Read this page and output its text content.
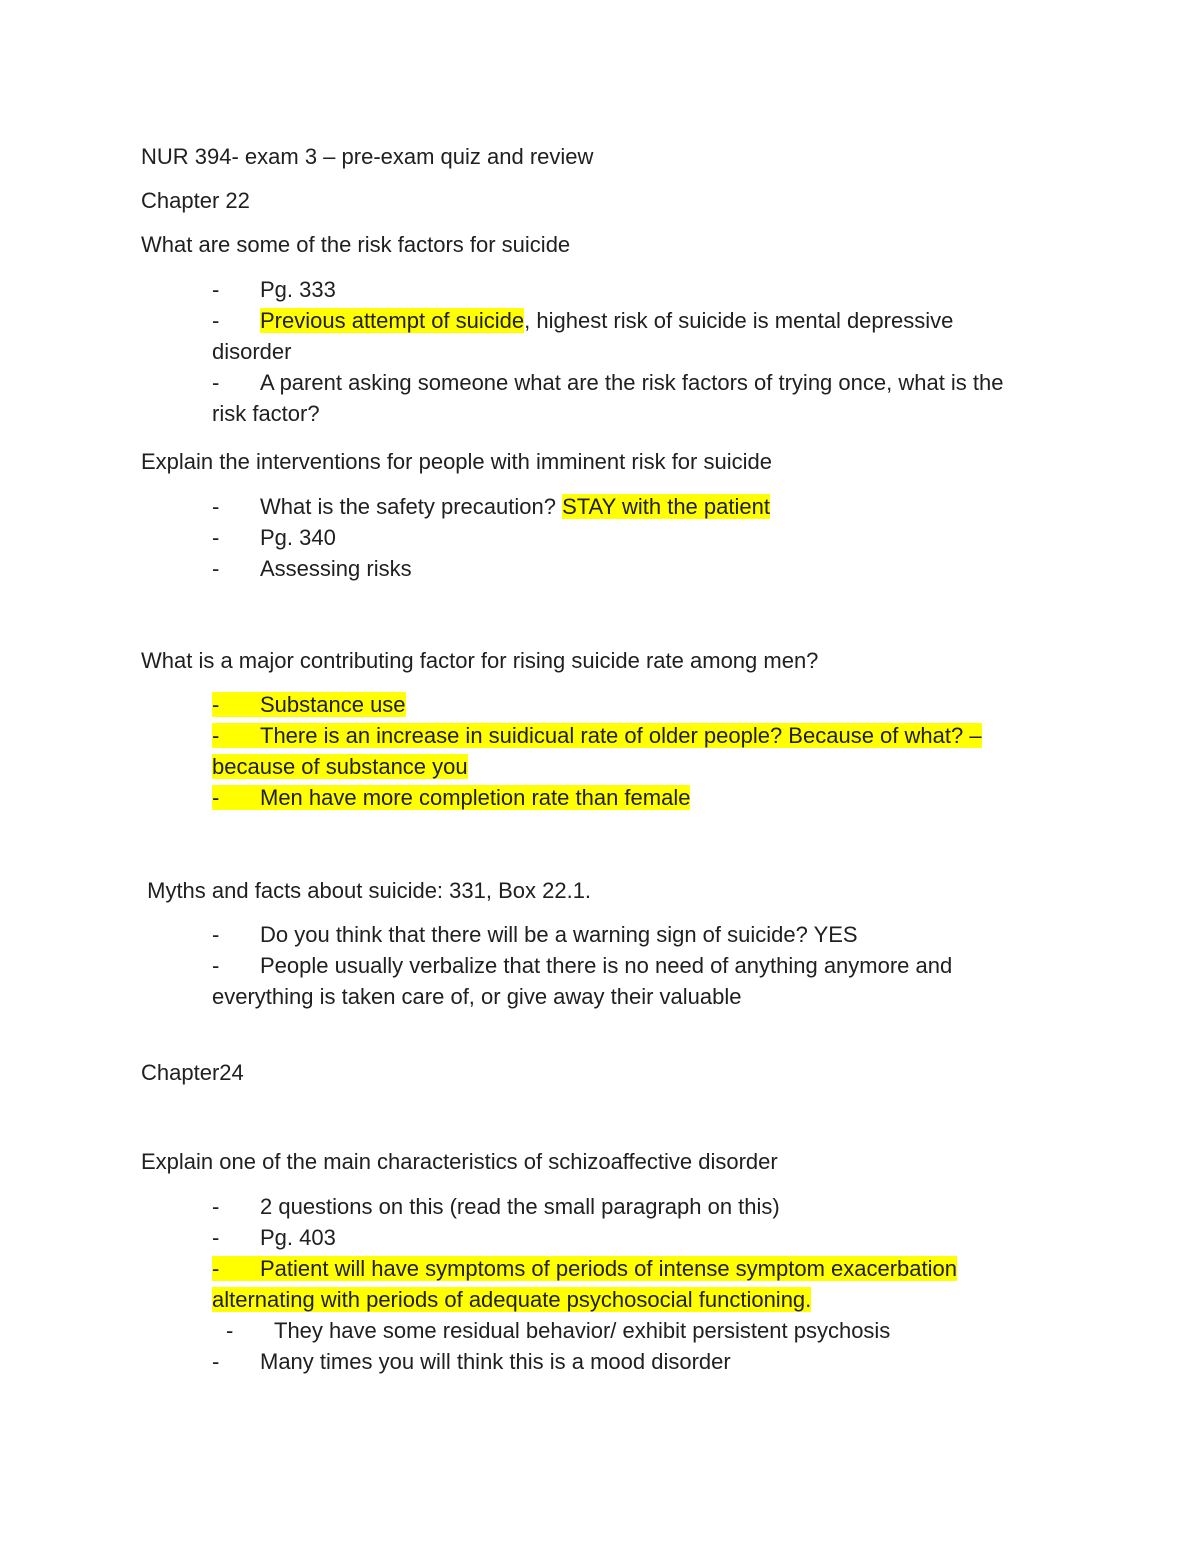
NUR 394- exam 3 – pre-exam quiz and review
Chapter 22
What are some of the risk factors for suicide
- Pg. 333
- Previous attempt of suicide, highest risk of suicide is mental depressive
disorder
- A parent asking someone what are the risk factors of trying once, what is the
risk factor?
Explain the interventions for people with imminent risk for suicide
- What is the safety precaution? STAY with the patient
- Pg. 340
- Assessing risks
What is a major contributing factor for rising suicide rate among men?
- Substance use
- There is an increase in suidicual rate of older people? Because of what? –
because of substance you
- Men have more completion rate than female
Myths and facts about suicide: 331, Box 22.1.
- Do you think that there will be a warning sign of suicide? YES
- People usually verbalize that there is no need of anything anymore and
everything is taken care of, or give away their valuable
Chapter24
Explain one of the main characteristics of schizoaffective disorder
- 2 questions on this (read the small paragraph on this)
- Pg. 403
- Patient will have symptoms of periods of intense symptom exacerbation
alternating with periods of adequate psychosocial functioning.
- They have some residual behavior/ exhibit persistent psychosis
- Many times you will think this is a mood disorder
